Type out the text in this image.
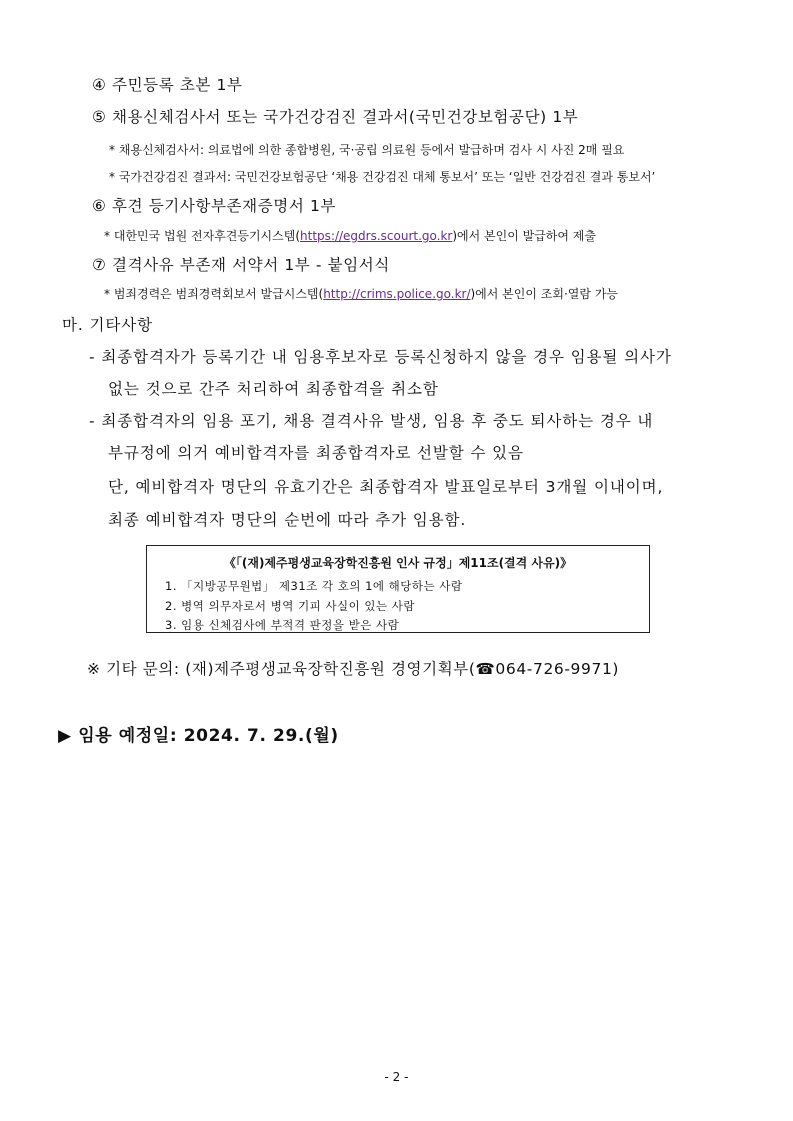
④ 주민등록 초본 1부
⑤ 채용신체검사서 또는 국가건강검진 결과서(국민건강보험공단) 1부
* 채용신체검사서: 의료법에 의한 종합병원, 국·공립 의료원 등에서 발급하며 검사 시 사진 2매 필요
* 국가건강검진 결과서: 국민건강보험공단 ‘채용 건강검진 대체 통보서’ 또는 ‘일반 건강검진 결과 통보서’
⑥ 후견 등기사항부존재증명서 1부
* 대한민국 법원 전자후견등기시스템(https://egdrs.scourt.go.kr)에서 본인이 발급하여 제출
⑦ 결격사유 부존재 서약서 1부 - 붙임서식
* 범죄경력은 범죄경력회보서 발급시스템(http://crims.police.go.kr/)에서 본인이 조회·열람 가능
마. 기타사항
- 최종합격자가 등록기간 내 임용후보자로 등록신청하지 않을 경우 임용될 의사가
없는 것으로 간주 처리하여 최종합격을 취소함
- 최종합격자의 임용 포기, 채용 결격사유 발생, 임용 후 중도 퇴사하는 경우 내
부규정에 의거 예비합격자를 최종합격자로 선발할 수 있음
단, 예비합격자 명단의 유효기간은 최종합격자 발표일로부터 3개월 이내이며,
최종 예비합격자 명단의 순번에 따라 추가 임용함.
《「(재)제주평생교육장학진흥원 인사 규정」제11조(결격 사유)》
1. 「지방공무원법」 제31조 각 호의 1에 해당하는 사람
2. 병역 의무자로서 병역 기피 사실이 있는 사람
3. 임용 신체검사에 부적격 판정을 받은 사람
※ 기타 문의: (재)제주평생교육장학진흥원 경영기획부(☎064-726-9971)
▶ 임용 예정일: 2024. 7. 29.(월)
- 2 -
